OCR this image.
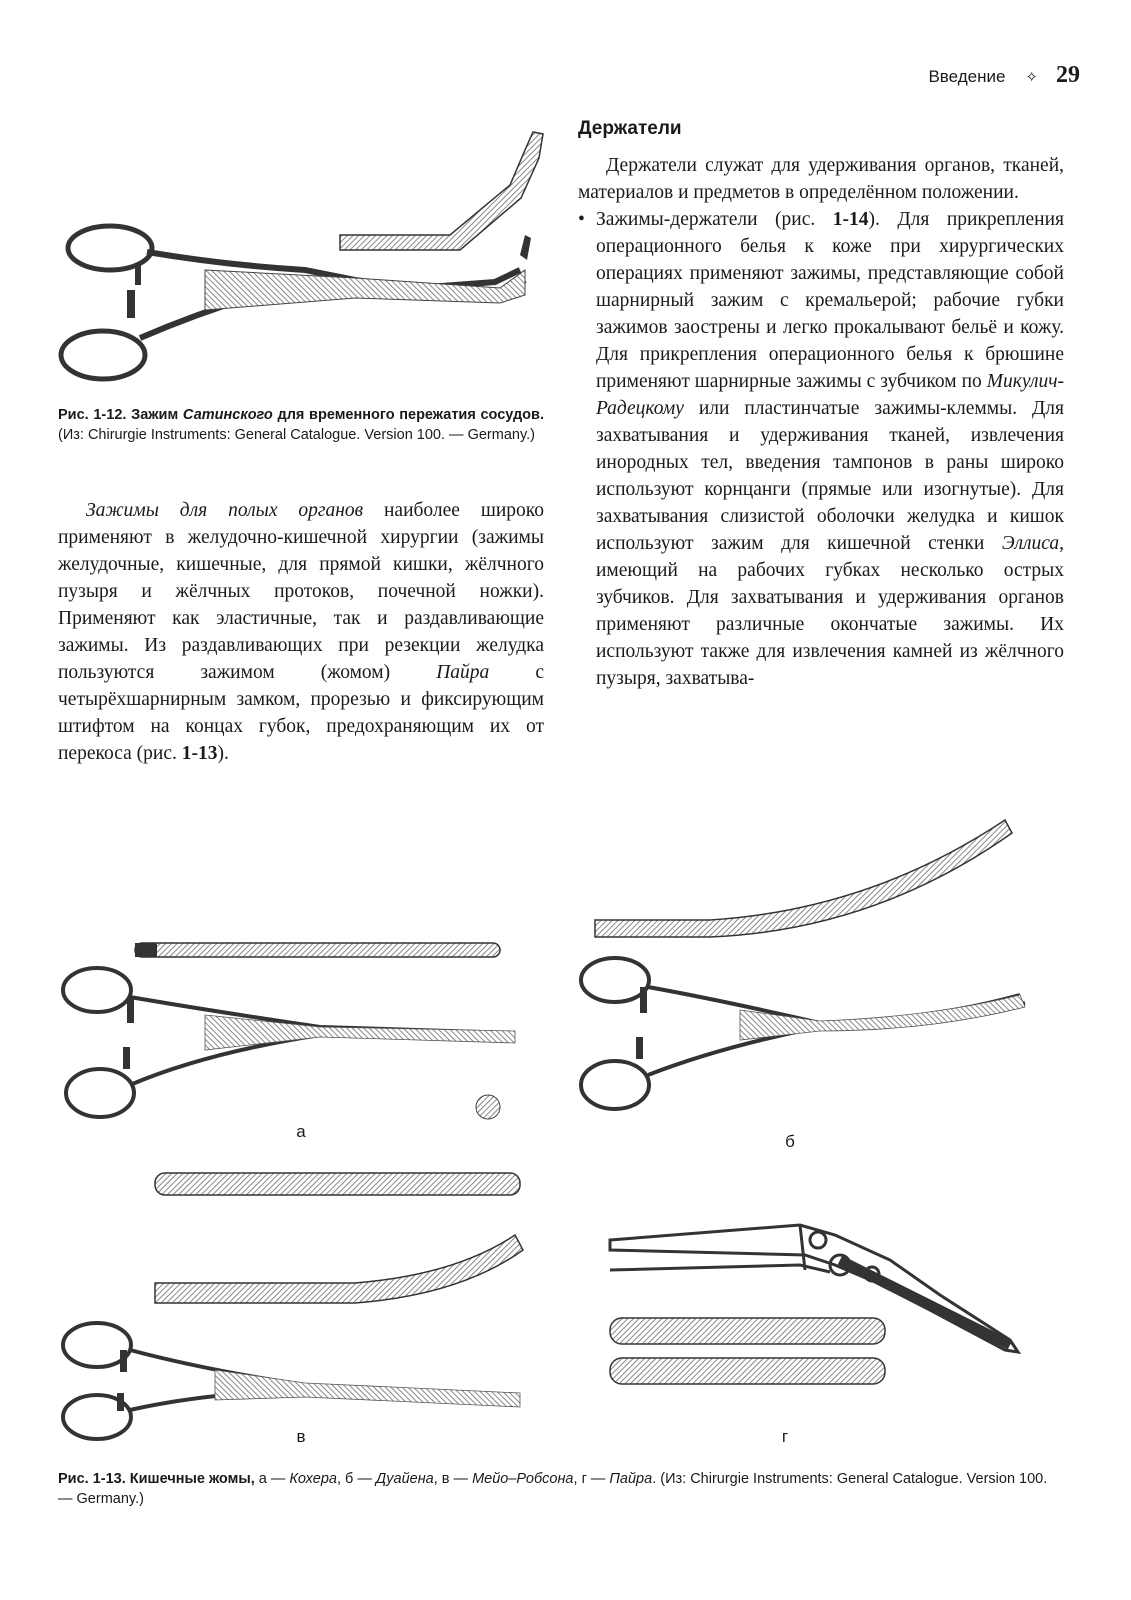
Введение ✧ 29
Рис. 1-12. Зажим Сатинского для временного пережатия сосудов. (Из: Chirurgie Instruments: General Catalogue. Version 100. — Germany.)

Зажимы для полых органов наиболее широко применяют в желудочно-кишечной хирургии (зажимы желудочные, кишечные, для прямой кишки, жёлчного пузыря и жёлчных протоков, почечной ножки). Применяют как эластичные, так и раздавливающие зажимы. Из раздавливающих при резекции желудка пользуются зажимом (жомом) Пайра с четырёхшарнирным замком, прорезью и фиксирующим штифтом на концах губок, предохраняющим их от перекоса (рис. 1-13).

Держатели

Держатели служат для удерживания органов, тканей, материалов и предметов в определённом положении.

• Зажимы-держатели (рис. 1-14). Для прикрепления операционного белья к коже при хирургических операциях применяют зажимы, представляющие собой шарнирный зажим с кремальерой; рабочие губки зажимов заострены и легко прокалывают бельё и кожу. Для прикрепления операционного белья к брюшине применяют шарнирные зажимы с зубчиком по Микулич-Радецкому или пластинчатые зажимы-клеммы. Для захватывания и удерживания тканей, извлечения инородных тел, введения тампонов в раны широко используют корнцанги (прямые или изогнутые). Для захватывания слизистой оболочки желудка и кишок используют зажим для кишечной стенки Эллиса, имеющий на рабочих губках несколько острых зубчиков. Для захватывания и удерживания органов применяют различные окончатые зажимы. Их используют также для извлечения камней из жёлчного пузыря, захватыва-

а
б
в	г
Рис. 1-13. Кишечные жомы, а — Кохера, б — Дуайена, в — Мейо–Робсона, г — Пайра. (Из: Chirurgie Instruments: General Catalogue. Version 100. — Germany.)
